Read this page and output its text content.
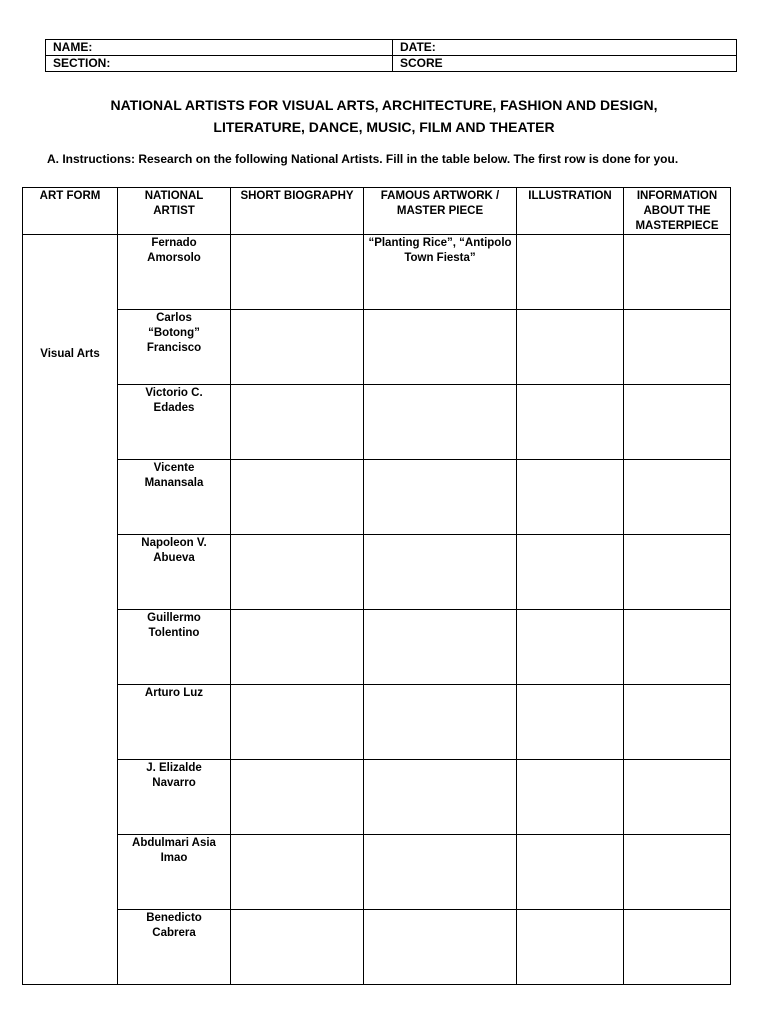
NAME:	DATE:
SECTION:	SCORE
NATIONAL ARTISTS FOR VISUAL ARTS, ARCHITECTURE, FASHION AND DESIGN,
LITERATURE, DANCE, MUSIC, FILM AND THEATER
A. Instructions: Research on the following National Artists. Fill in the table below. The first row is done for you.
ART FORM	NATIONAL ARTIST	SHORT BIOGRAPHY	FAMOUS ARTWORK / MASTER PIECE	ILLUSTRATION	INFORMATION ABOUT THE MASTERPIECE

Visual Arts	Fernado Amorsolo		“Planting Rice”, “Antipolo Town Fiesta”		

	Carlos “Botong” Francisco				

	Victorio C. Edades				

	Vicente Manansala				

	Napoleon V. Abueva				

	Guillermo Tolentino				

	Arturo Luz				

	J. Elizalde Navarro				

	Abdulmari Asia Imao				

	Benedicto Cabrera				
